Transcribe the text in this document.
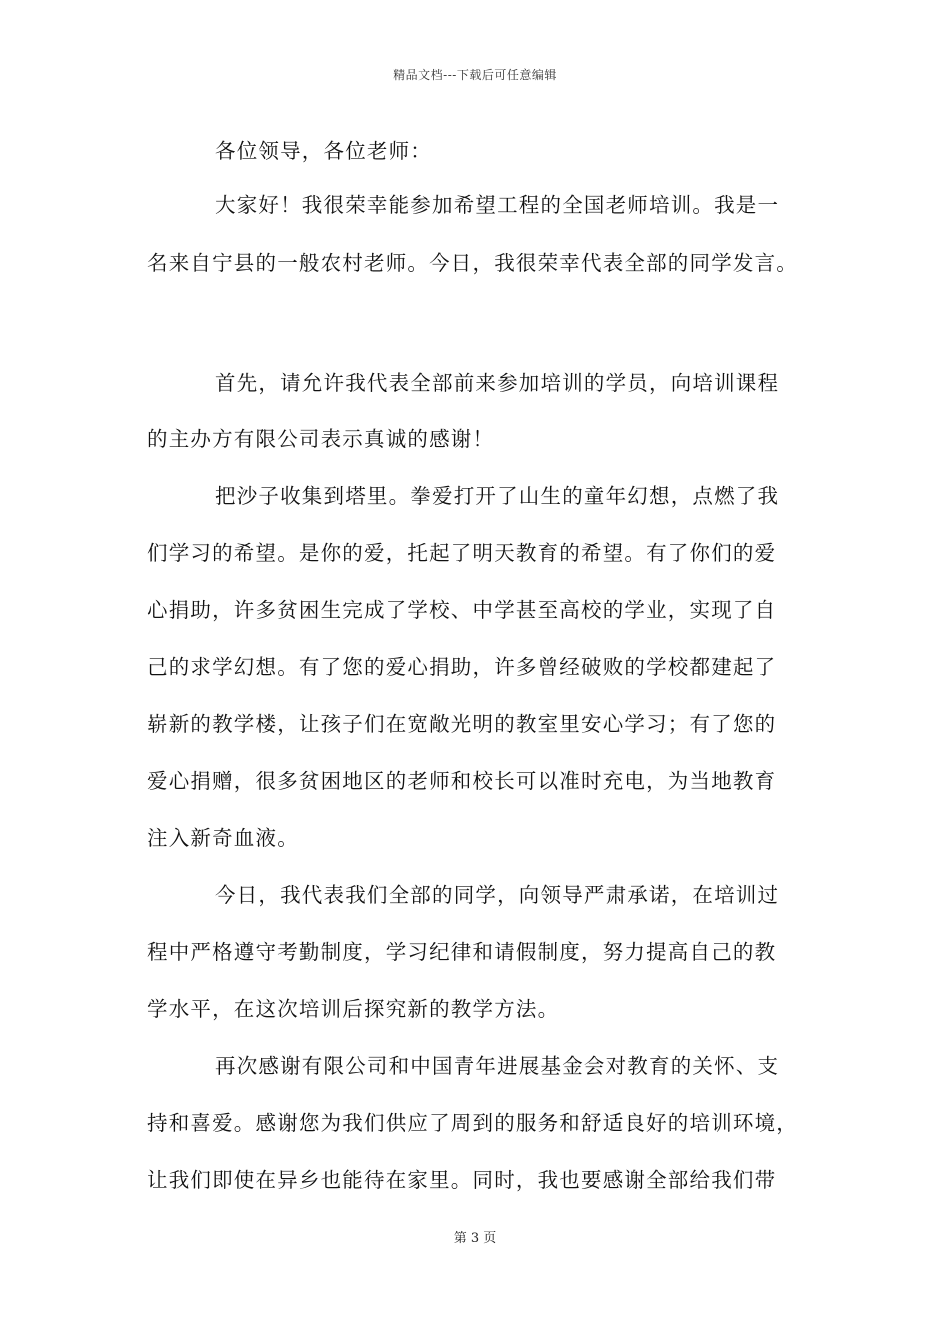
精品文档---下载后可任意编辑
各位领导，各位老师：
大家好！我很荣幸能参加希望工程的全国老师培训。我是一
名来自宁县的一般农村老师。今日，我很荣幸代表全部的同学发言。
首先，请允许我代表全部前来参加培训的学员，向培训课程
的主办方有限公司表示真诚的感谢！
把沙子收集到塔里。拳爱打开了山生的童年幻想，点燃了我
们学习的希望。是你的爱，托起了明天教育的希望。有了你们的爱
心捐助，许多贫困生完成了学校、中学甚至高校的学业，实现了自
己的求学幻想。有了您的爱心捐助，许多曾经破败的学校都建起了
崭新的教学楼，让孩子们在宽敞光明的教室里安心学习；有了您的
爱心捐赠，很多贫困地区的老师和校长可以准时充电，为当地教育
注入新奇血液。
今日，我代表我们全部的同学，向领导严肃承诺，在培训过
程中严格遵守考勤制度，学习纪律和请假制度，努力提高自己的教
学水平，在这次培训后探究新的教学方法。
再次感谢有限公司和中国青年进展基金会对教育的关怀、支
持和喜爱。感谢您为我们供应了周到的服务和舒适良好的培训环境，
让我们即使在异乡也能待在家里。同时，我也要感谢全部给我们带
第 3 页
